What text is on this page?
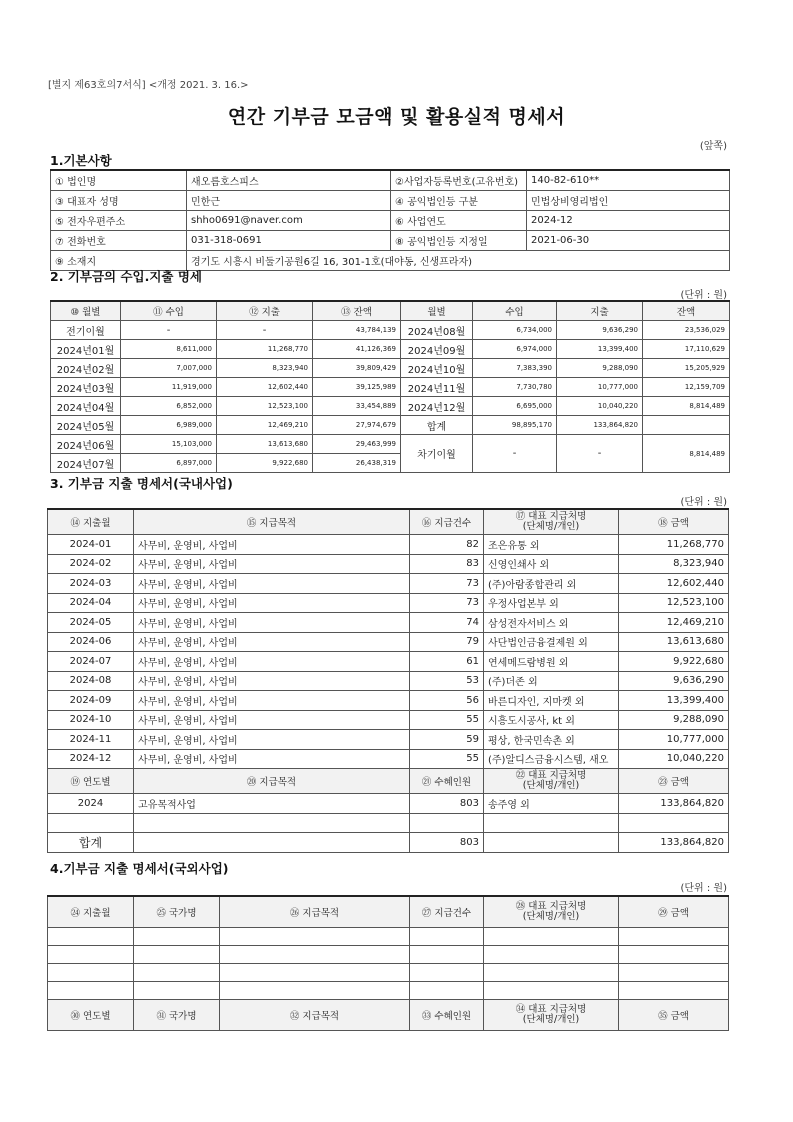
[별지 제63호의7서식] <개정 2021. 3. 16.>
연간 기부금 모금액 및 활용실적 명세서
(앞쪽)
1.기본사항
① 법인명	새오름호스피스	②사업자등록번호(고유번호)	140-82-610**
③ 대표자 성명	민한근	④ 공익법인등 구분	민법상비영리법인
⑤ 전자우편주소	shho0691@naver.com	⑥ 사업연도	2024-12
⑦ 전화번호	031-318-0691	⑧ 공익법인등 지정일	2021-06-30
⑨ 소재지	경기도 시흥시 비둘기공원6길 16, 301-1호(대야동, 신생프라자)		
2. 기부금의 수입.지출 명세
(단위 : 원)
⑩ 월별	⑪ 수입	⑫ 지출	⑬ 잔액	월별	수입	지출	잔액
전기이월	-	-	43,784,139	2024년08월	6,734,000	9,636,290	23,536,029
2024년01월	8,611,000	11,268,770	41,126,369	2024년09월	6,974,000	13,399,400	17,110,629
2024년02월	7,007,000	8,323,940	39,809,429	2024년10월	7,383,390	9,288,090	15,205,929
2024년03월	11,919,000	12,602,440	39,125,989	2024년11월	7,730,780	10,777,000	12,159,709
2024년04월	6,852,000	12,523,100	33,454,889	2024년12월	6,695,000	10,040,220	8,814,489
2024년05월	6,989,000	12,469,210	27,974,679	합계	98,895,170	133,864,820	
2024년06월	15,103,000	13,613,680	29,463,999	차기이월	-	-	8,814,489
2024년07월	6,897,000	9,922,680	26,438,319				
3. 기부금 지출 명세서(국내사업)
(단위 : 원)
⑭ 지출월	⑮ 지급목적	⑯ 지급건수	⑰ 대표 지급처명
(단체명/개인)	⑱ 금액
2024-01	사무비, 운영비, 사업비	82	조은유통 외	11,268,770
2024-02	사무비, 운영비, 사업비	83	신영인쇄사 외	8,323,940
2024-03	사무비, 운영비, 사업비	73	(주)아람종합관리 외	12,602,440
2024-04	사무비, 운영비, 사업비	73	우정사업본부 외	12,523,100
2024-05	사무비, 운영비, 사업비	74	삼성전자서비스 외	12,469,210
2024-06	사무비, 운영비, 사업비	79	사단법인금융결제원 외	13,613,680
2024-07	사무비, 운영비, 사업비	61	연세메드람병원 외	9,922,680
2024-08	사무비, 운영비, 사업비	53	(주)더존 외	9,636,290
2024-09	사무비, 운영비, 사업비	56	바른디자인, 지마켓 외	13,399,400
2024-10	사무비, 운영비, 사업비	55	시흥도시공사, kt 외	9,288,090
2024-11	사무비, 운영비, 사업비	59	평상, 한국민속촌 외	10,777,000
2024-12	사무비, 운영비, 사업비	55	(주)알디스금융시스템, 새오	10,040,220
⑲ 연도별	⑳ 지급목적	㉑ 수혜인원	㉒ 대표 지급처명
(단체명/개인)	㉓ 금액
2024	고유목적사업	803	송주영 외	133,864,820

합계		803		133,864,820
4.기부금 지출 명세서(국외사업)
(단위 : 원)
㉔ 지출월	㉕ 국가명	㉖ 지급목적	㉗ 지급건수	㉘ 대표 지급처명
(단체명/개인)	㉙ 금액

㉚ 연도별	㉛ 국가명	㉜ 지급목적	㉝ 수혜인원	㉞ 대표 지급처명
(단체명/개인)	㉟ 금액
